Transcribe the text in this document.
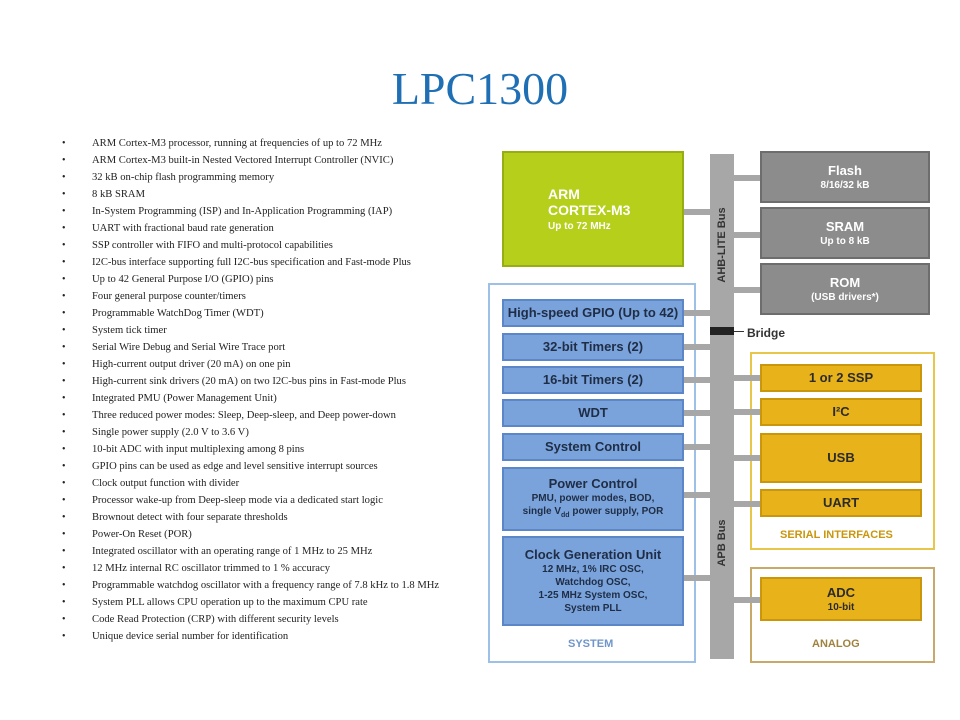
LPC1300
• ARM Cortex-M3 processor, running at frequencies of up to 72 MHz
• ARM Cortex-M3 built-in Nested Vectored Interrupt Controller (NVIC)
• 32 kB on-chip flash programming memory
• 8 kB SRAM
• In-System Programming (ISP) and In-Application Programming (IAP)
• UART with fractional baud rate generation
• SSP controller with FIFO and multi-protocol capabilities
• I2C-bus interface supporting full I2C-bus specification and Fast-mode Plus
• Up to 42 General Purpose I/O (GPIO) pins
• Four general purpose counter/timers
• Programmable WatchDog Timer (WDT)
• System tick timer
• Serial Wire Debug and Serial Wire Trace port
• High-current output driver (20 mA) on one pin
• High-current sink drivers (20 mA) on two I2C-bus pins in Fast-mode Plus
• Integrated PMU (Power Management Unit)
• Three reduced power modes: Sleep, Deep-sleep, and Deep power-down
• Single power supply (2.0 V to 3.6 V)
• 10-bit ADC with input multiplexing among 8 pins
• GPIO pins can be used as edge and level sensitive interrupt sources
• Clock output function with divider
• Processor wake-up from Deep-sleep mode via a dedicated start logic
• Brownout detect with four separate thresholds
• Power-On Reset (POR)
• Integrated oscillator with an operating range of 1 MHz to 25 MHz
• 12 MHz internal RC oscillator trimmed to 1 % accuracy
• Programmable watchdog oscillator with a frequency range of 7.8 kHz to 1.8 MHz
• System PLL allows CPU operation up to the maximum CPU rate
• Code Read Protection (CRP) with different security levels
• Unique device serial number for identification
SYSTEM
SERIAL INTERFACES
ANALOG
AHB-LITE Bus
Bridge
APB Bus
ARM
CORTEX-M3
Up to 72 MHz
Flash
8/16/32 kB
SRAM
Up to 8 kB
ROM
(USB drivers*)
High-speed GPIO (Up to 42)
32-bit Timers (2)
16-bit Timers (2)
WDT
System Control
Power Control
PMU, power modes, BOD,
single $V_{dd}$ power supply, POR
Clock Generation Unit
12 MHz, 1% IRC OSC,
Watchdog OSC,
1-25 MHz System OSC,
System PLL
1 or 2 SSP
I²C
USB
UART
ADC
10-bit
